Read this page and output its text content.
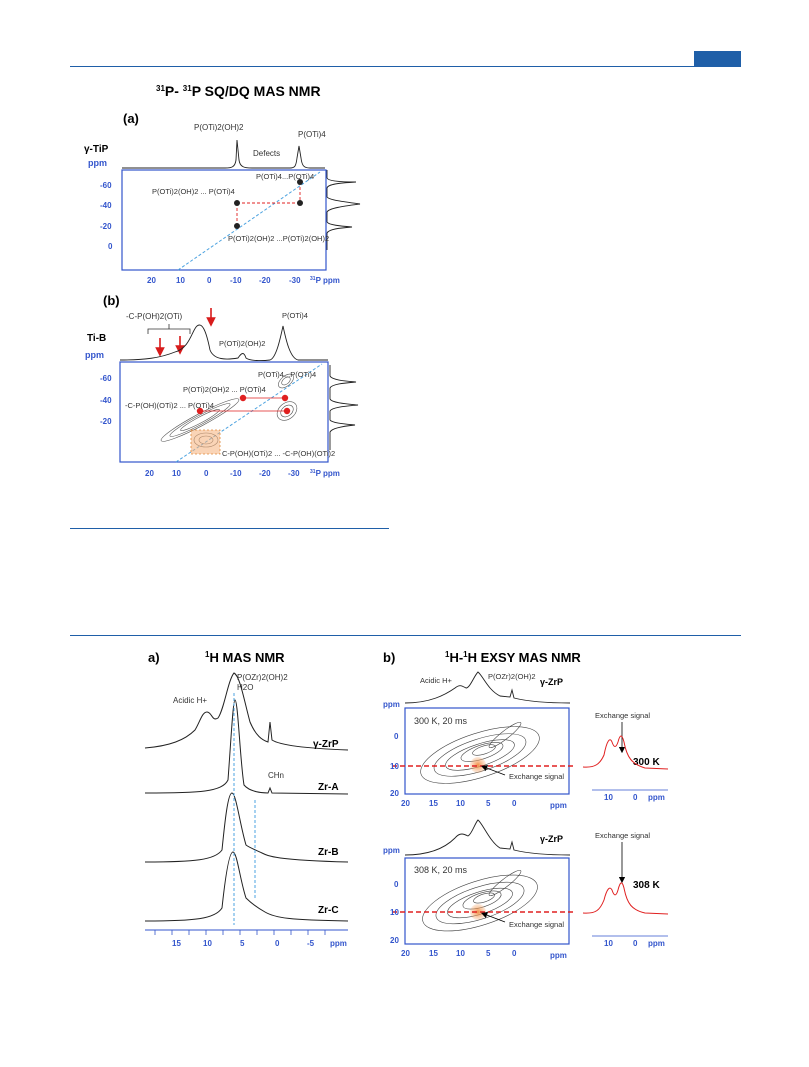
$^{31}$P- $^{31}$P SQ/DQ MAS NMR
(a)
γ-TiP
ppm
P(OTi)2(OH)2
P(OTi)4
Defects
-60
-40
-20
0
20	10	0 -10 -20 -30 $^{31}$P ppm
P(OTi)4...P(OTi)4
P(OTi)2(OH)2 ... P(OTi)4
P(OTi)2(OH)2 ...P(OTi)2(OH)2
(b)
Ti-B
ppm
-C-P(OH)2(OTi)
P(OTi)2(OH)2
P(OTi)4
-60
-40
-20
20 10	0	-10 -20 -30 $^{31}$P ppm
P(OTi)4...P(OTi)4
P(OTi)2(OH)2 ... P(OTi)4
-C-P(OH)(OTi)2 ... P(OTi)4
C-P(OH)(OTi)2 ... -C-P(OH)(OTi)2
a)	$^1$H MAS NMR
Acidic H+
P(OZr)2(OH)2
H2O
CHn
γ-ZrP
Zr-A
Zr-B
Zr-C
15	10	5	0	-5 ppm
b)	$^1$H-$^1$H EXSY MAS NMR
Acidic H+	P(OZr)2(OH)2
γ-ZrP
ppm
300 K, 20 ms
Exchange signal
0
10
20
20 15 10	5	0	ppm
Exchange signal
300 K
10	0 ppm
γ-ZrP
ppm
308 K, 20 ms
Exchange signal
0
10
20
20 15 10	5	0	ppm
Exchange signal
308 K
10	0 ppm
